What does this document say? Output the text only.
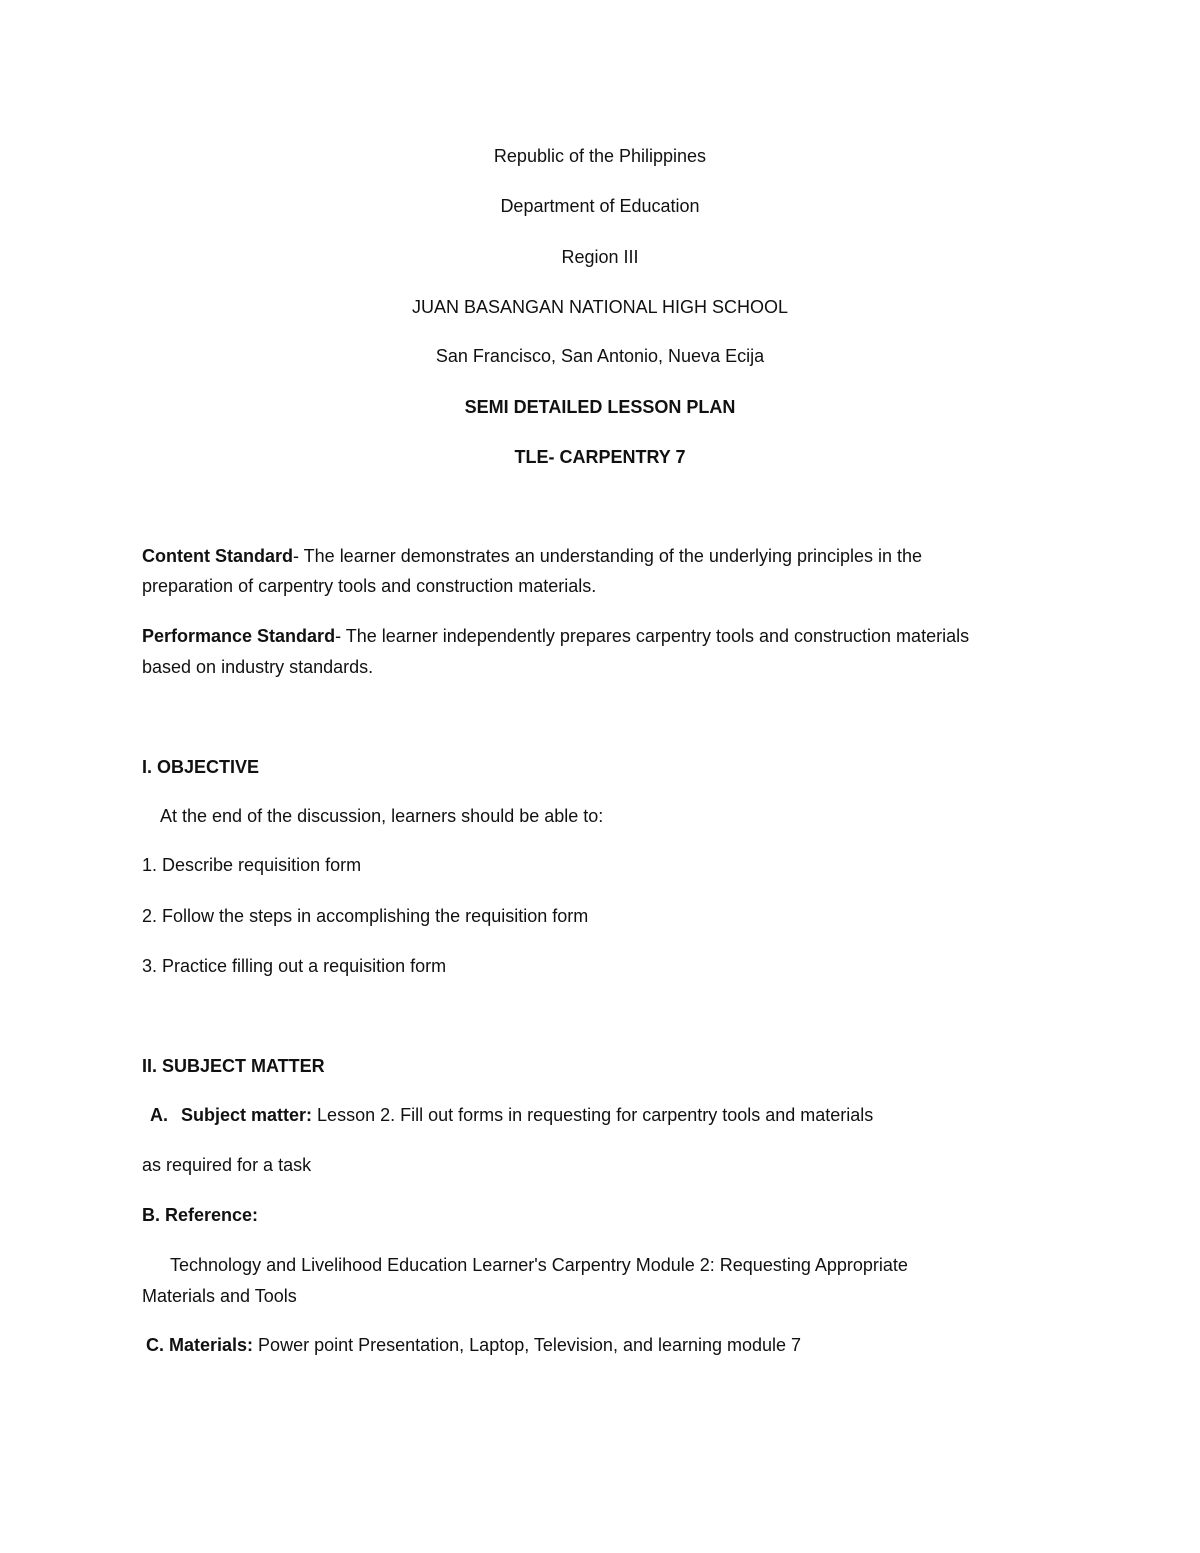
Republic of the Philippines
Department of Education
Region III
JUAN BASANGAN NATIONAL HIGH SCHOOL
San Francisco, San Antonio, Nueva Ecija
SEMI DETAILED LESSON PLAN
TLE- CARPENTRY 7
Content Standard- The learner demonstrates an understanding of the underlying principles in the
preparation of carpentry tools and construction materials.
Performance Standard- The learner independently prepares carpentry tools and construction materials
based on industry standards.
I. OBJECTIVE
At the end of the discussion, learners should be able to:
1. Describe requisition form
2. Follow the steps in accomplishing the requisition form
3. Practice filling out a requisition form
II. SUBJECT MATTER
A. Subject matter: Lesson 2. Fill out forms in requesting for carpentry tools and materials
as required for a task
B. Reference:
Technology and Livelihood Education Learner's Carpentry Module 2: Requesting Appropriate
Materials and Tools
C. Materials: Power point Presentation, Laptop, Television, and learning module 7
